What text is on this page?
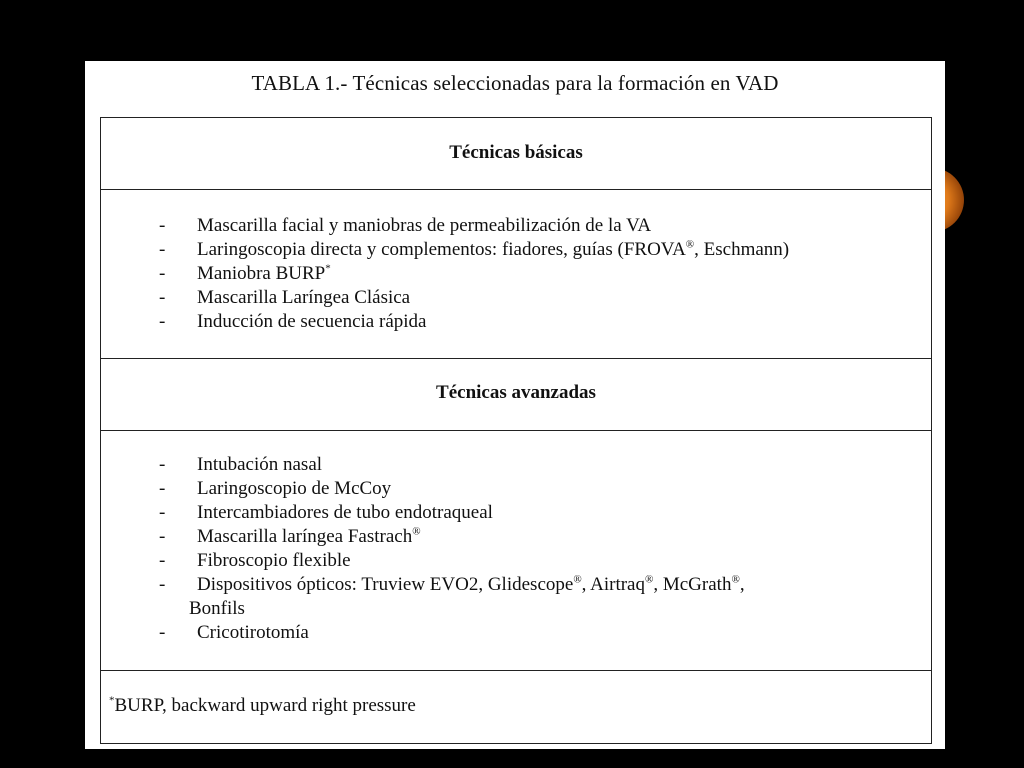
TABLA 1.- Técnicas seleccionadas para la formación en VAD
Técnicas básicas
- Mascarilla facial y maniobras de permeabilización de la VA
- Laringoscopia directa y complementos: fiadores, guías (FROVA®, Eschmann)
- Maniobra BURP*
- Mascarilla Laríngea Clásica
- Inducción de secuencia rápida
Técnicas avanzadas
- Intubación nasal
- Laringoscopio de McCoy
- Intercambiadores de tubo endotraqueal
- Mascarilla laríngea Fastrach®
- Fibroscopio flexible
- Dispositivos ópticos: Truview EVO2, Glidescope®, Airtraq®, McGrath®,
Bonfils
- Cricotirotomía
*BURP, backward upward right pressure
